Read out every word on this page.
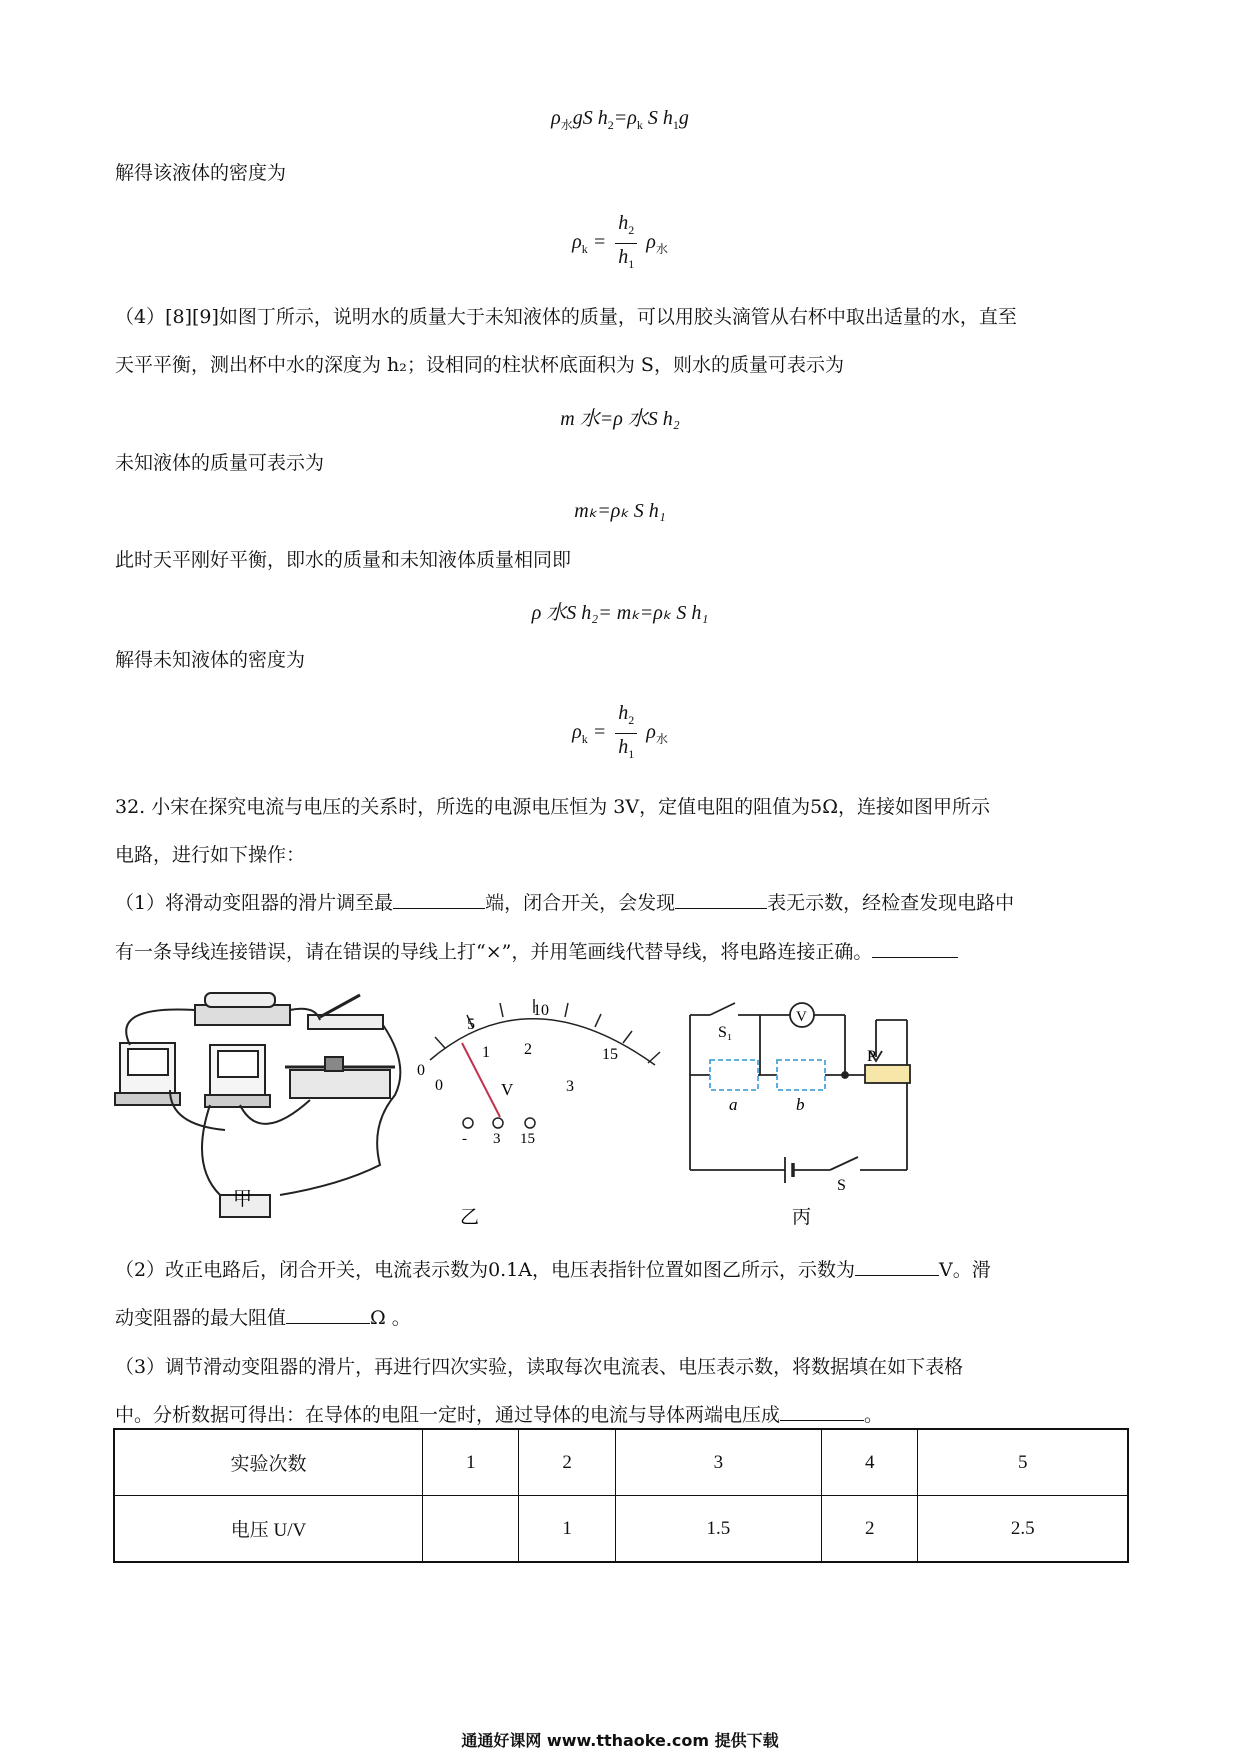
$\rho_水gS$ $h_2=\rho_k$ S $h_1g$
解得该液体的密度为
$\rho_k = \frac{h_2}{h_1} \rho_水$
（4）[8][9]如图丁所示，说明水的质量大于未知液体的质量，可以用胶头滴管从右杯中取出适量的水，直至
天平平衡，测出杯中水的深度为 h₂；设相同的柱状杯底面积为 S，则水的质量可表示为
m 水=ρ 水S h₂
未知液体的质量可表示为
mₖ=ρₖ S h₁
此时天平刚好平衡，即水的质量和未知液体质量相同即
ρ 水S h₂= mₖ=ρₖ S h₁
解得未知液体的密度为
$\rho_k = \frac{h_2}{h_1} \rho_水$
32. 小宋在探究电流与电压的关系时，所选的电源电压恒为 3V，定值电阻的阻值为5Ω，连接如图甲所示
电路，进行如下操作：
（1）将滑动变阻器的滑片调至最	端，闭合开关，会发现	表无示数，经检查发现电路中
有一条导线连接错误，请在错误的导线上打“×”，并用笔画线代替导线，将电路连接正确。
甲
乙
0
5
10
15
0
1 2
3
V
- 3 15
S₁
V
P
a	b
S
丙
（2）改正电路后，闭合开关，电流表示数为0.1A，电压表指针位置如图乙所示，示数为	V。滑
动变阻器的最大阻值	Ω 。
（3）调节滑动变阻器的滑片，再进行四次实验，读取每次电流表、电压表示数，将数据填在如下表格
中。分析数据可得出：在导体的电阻一定时，通过导体的电流与导体两端电压成	。
实验次数	1	2	3	4	5
电压 U/V		1	1.5	2	2.5
通通好课网 www.tthaoke.com 提供下载
